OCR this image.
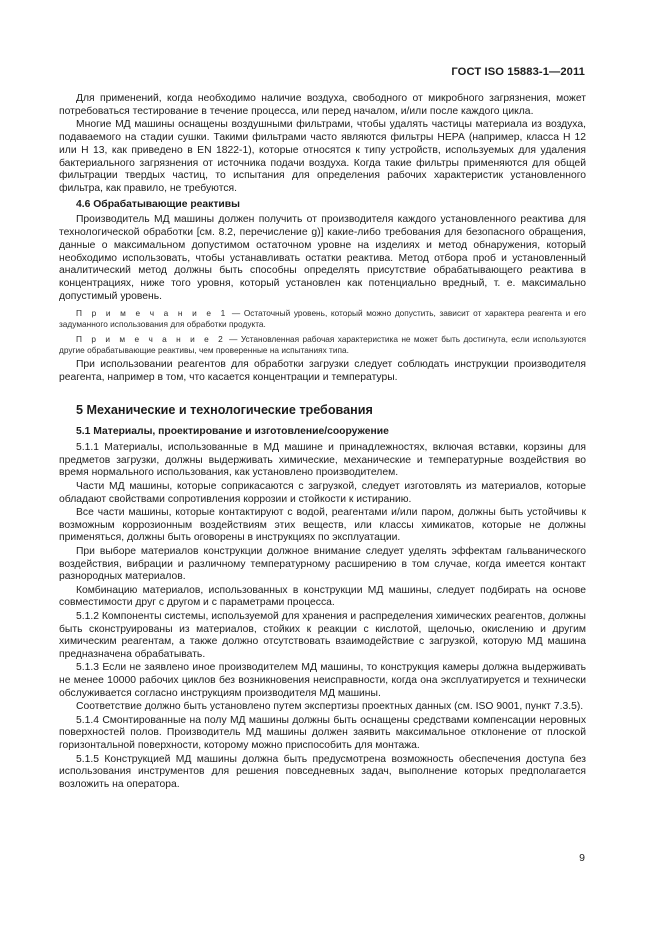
ГОСТ ISO 15883-1—2011

Для применений, когда необходимо наличие воздуха, свободного от микробного загрязнения, может потребоваться тестирование в течение процесса, или перед началом, и/или после каждого цикла.

Многие МД машины оснащены воздушными фильтрами, чтобы удалять частицы материала из воздуха, подаваемого на стадии сушки. Такими фильтрами часто являются фильтры НЕРА (например, класса Н 12 или Н 13, как приведено в EN 1822-1), которые относятся к типу устройств, используемых для удаления бактериального загрязнения от источника подачи воздуха. Когда такие фильтры применяются для общей фильтрации твердых частиц, то испытания для определения рабочих характеристик установленного фильтра, как правило, не требуются.

4.6 Обрабатывающие реактивы

Производитель МД машины должен получить от производителя каждого установленного реактива для технологической обработки [см. 8.2, перечисление g)] какие-либо требования для безопасного обращения, данные о максимальном допустимом остаточном уровне на изделиях и метод обнаружения, который необходимо использовать, чтобы устанавливать остатки реактива. Метод отбора проб и установленный аналитический метод должны быть способны определять присутствие обрабатывающего реактива в концентрациях, ниже того уровня, который установлен как потенциально вредный, т. е. максимально допустимый уровень.

П р и м е ч а н и е 1 — Остаточный уровень, который можно допустить, зависит от характера реагента и его задуманного использования для обработки продукта.
П р и м е ч а н и е 2 — Установленная рабочая характеристика не может быть достигнута, если используются другие обрабатывающие реактивы, чем проверенные на испытаниях типа.

При использовании реагентов для обработки загрузки следует соблюдать инструкции производителя реагента, например в том, что касается концентрации и температуры.

5 Механические и технологические требования
5.1 Материалы, проектирование и изготовление/сооружение

5.1.1 Материалы, использованные в МД машине и принадлежностях, включая вставки, корзины для предметов загрузки, должны выдерживать химические, механические и температурные воздействия во время нормального использования, как установлено производителем.

Части МД машины, которые соприкасаются с загрузкой, следует изготовлять из материалов, которые обладают свойствами сопротивления коррозии и стойкости к истиранию.

Все части машины, которые контактируют с водой, реагентами и/или паром, должны быть устойчивы к возможным коррозионным воздействиям этих веществ, или классы химикатов, которые не должны применяться, должны быть оговорены в инструкциях по эксплуатации.

При выборе материалов конструкции должное внимание следует уделять эффектам гальванического воздействия, вибрации и различному температурному расширению в том случае, когда имеется контакт разнородных материалов.

Комбинацию материалов, использованных в конструкции МД машины, следует подбирать на основе совместимости друг с другом и с параметрами процесса.

5.1.2 Компоненты системы, используемой для хранения и распределения химических реагентов, должны быть сконструированы из материалов, стойких к реакции с кислотой, щелочью, окислению и другим химическим реагентам, а также должно отсутствовать взаимодействие с загрузкой, которую МД машина предназначена обрабатывать.

5.1.3 Если не заявлено иное производителем МД машины, то конструкция камеры должна выдерживать не менее 10000 рабочих циклов без возникновения неисправности, когда она эксплуатируется и технически обслуживается согласно инструкциям производителя МД машины.

Соответствие должно быть установлено путем экспертизы проектных данных (см. ISO 9001, пункт 7.3.5).

5.1.4 Смонтированные на полу МД машины должны быть оснащены средствами компенсации неровных поверхностей полов. Производитель МД машины должен заявить максимальное отклонение от плоской горизонтальной поверхности, которому можно приспособить для монтажа.

5.1.5 Конструкцией МД машины должна быть предусмотрена возможность обеспечения доступа без использования инструментов для решения повседневных задач, выполнение которых предполагается возложить на оператора.

9
